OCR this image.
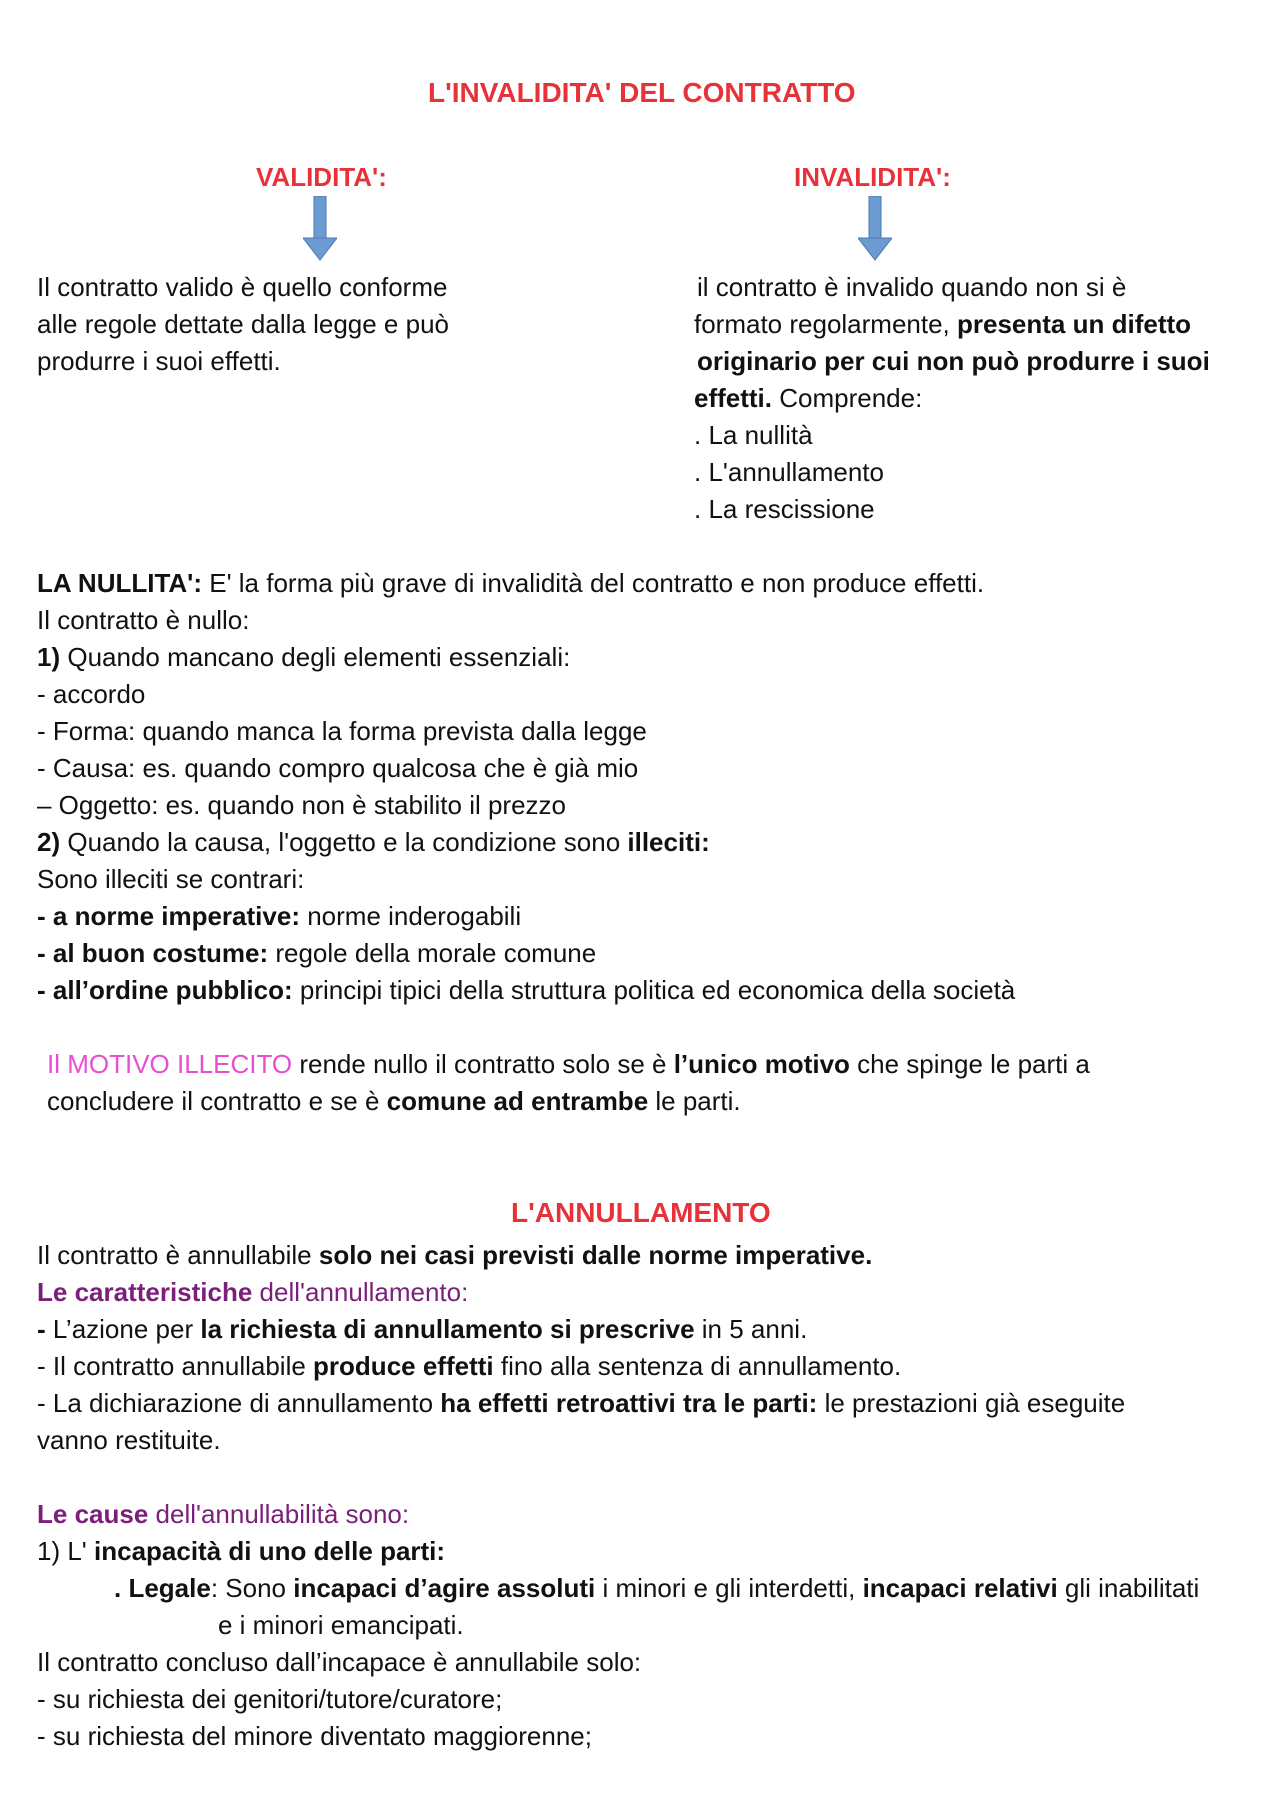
L'INVALIDITA' DEL CONTRATTO
VALIDITA':
Il contratto valido è quello conforme
alle regole dettate dalla legge e può
produrre i suoi effetti.
INVALIDITA':
il contratto è invalido quando non si è
formato regolarmente, presenta un difetto
originario per cui non può produrre i suoi
effetti. Comprende:
. La nullità
. L'annullamento
. La rescissione
LA NULLITA': E' la forma più grave di invalidità del contratto e non produce effetti.
Il contratto è nullo:
1) Quando mancano degli elementi essenziali:
- accordo
- Forma: quando manca la forma prevista dalla legge
- Causa: es. quando compro qualcosa che è già mio
– Oggetto: es. quando non è stabilito il prezzo
2) Quando la causa, l'oggetto e la condizione sono illeciti:
Sono illeciti se contrari:
- a norme imperative: norme inderogabili
- al buon costume: regole della morale comune
- all’ordine pubblico: principi tipici della struttura politica ed economica della società
Il MOTIVO ILLECITO rende nullo il contratto solo se è l’unico motivo che spinge le parti a
concludere il contratto e se è comune ad entrambe le parti.
L'ANNULLAMENTO
Il contratto è annullabile solo nei casi previsti dalle norme imperative.
Le caratteristiche dell'annullamento:
- L’azione per la richiesta di annullamento si prescrive in 5 anni.
- Il contratto annullabile produce effetti fino alla sentenza di annullamento.
- La dichiarazione di annullamento ha effetti retroattivi tra le parti: le prestazioni già eseguite
vanno restituite.
Le cause dell'annullabilità sono:
1) L' incapacità di uno delle parti:
. Legale: Sono incapaci d’agire assoluti i minori e gli interdetti, incapaci relativi gli inabilitati
e i minori emancipati.
Il contratto concluso dall’incapace è annullabile solo:
- su richiesta dei genitori/tutore/curatore;
- su richiesta del minore diventato maggiorenne;
